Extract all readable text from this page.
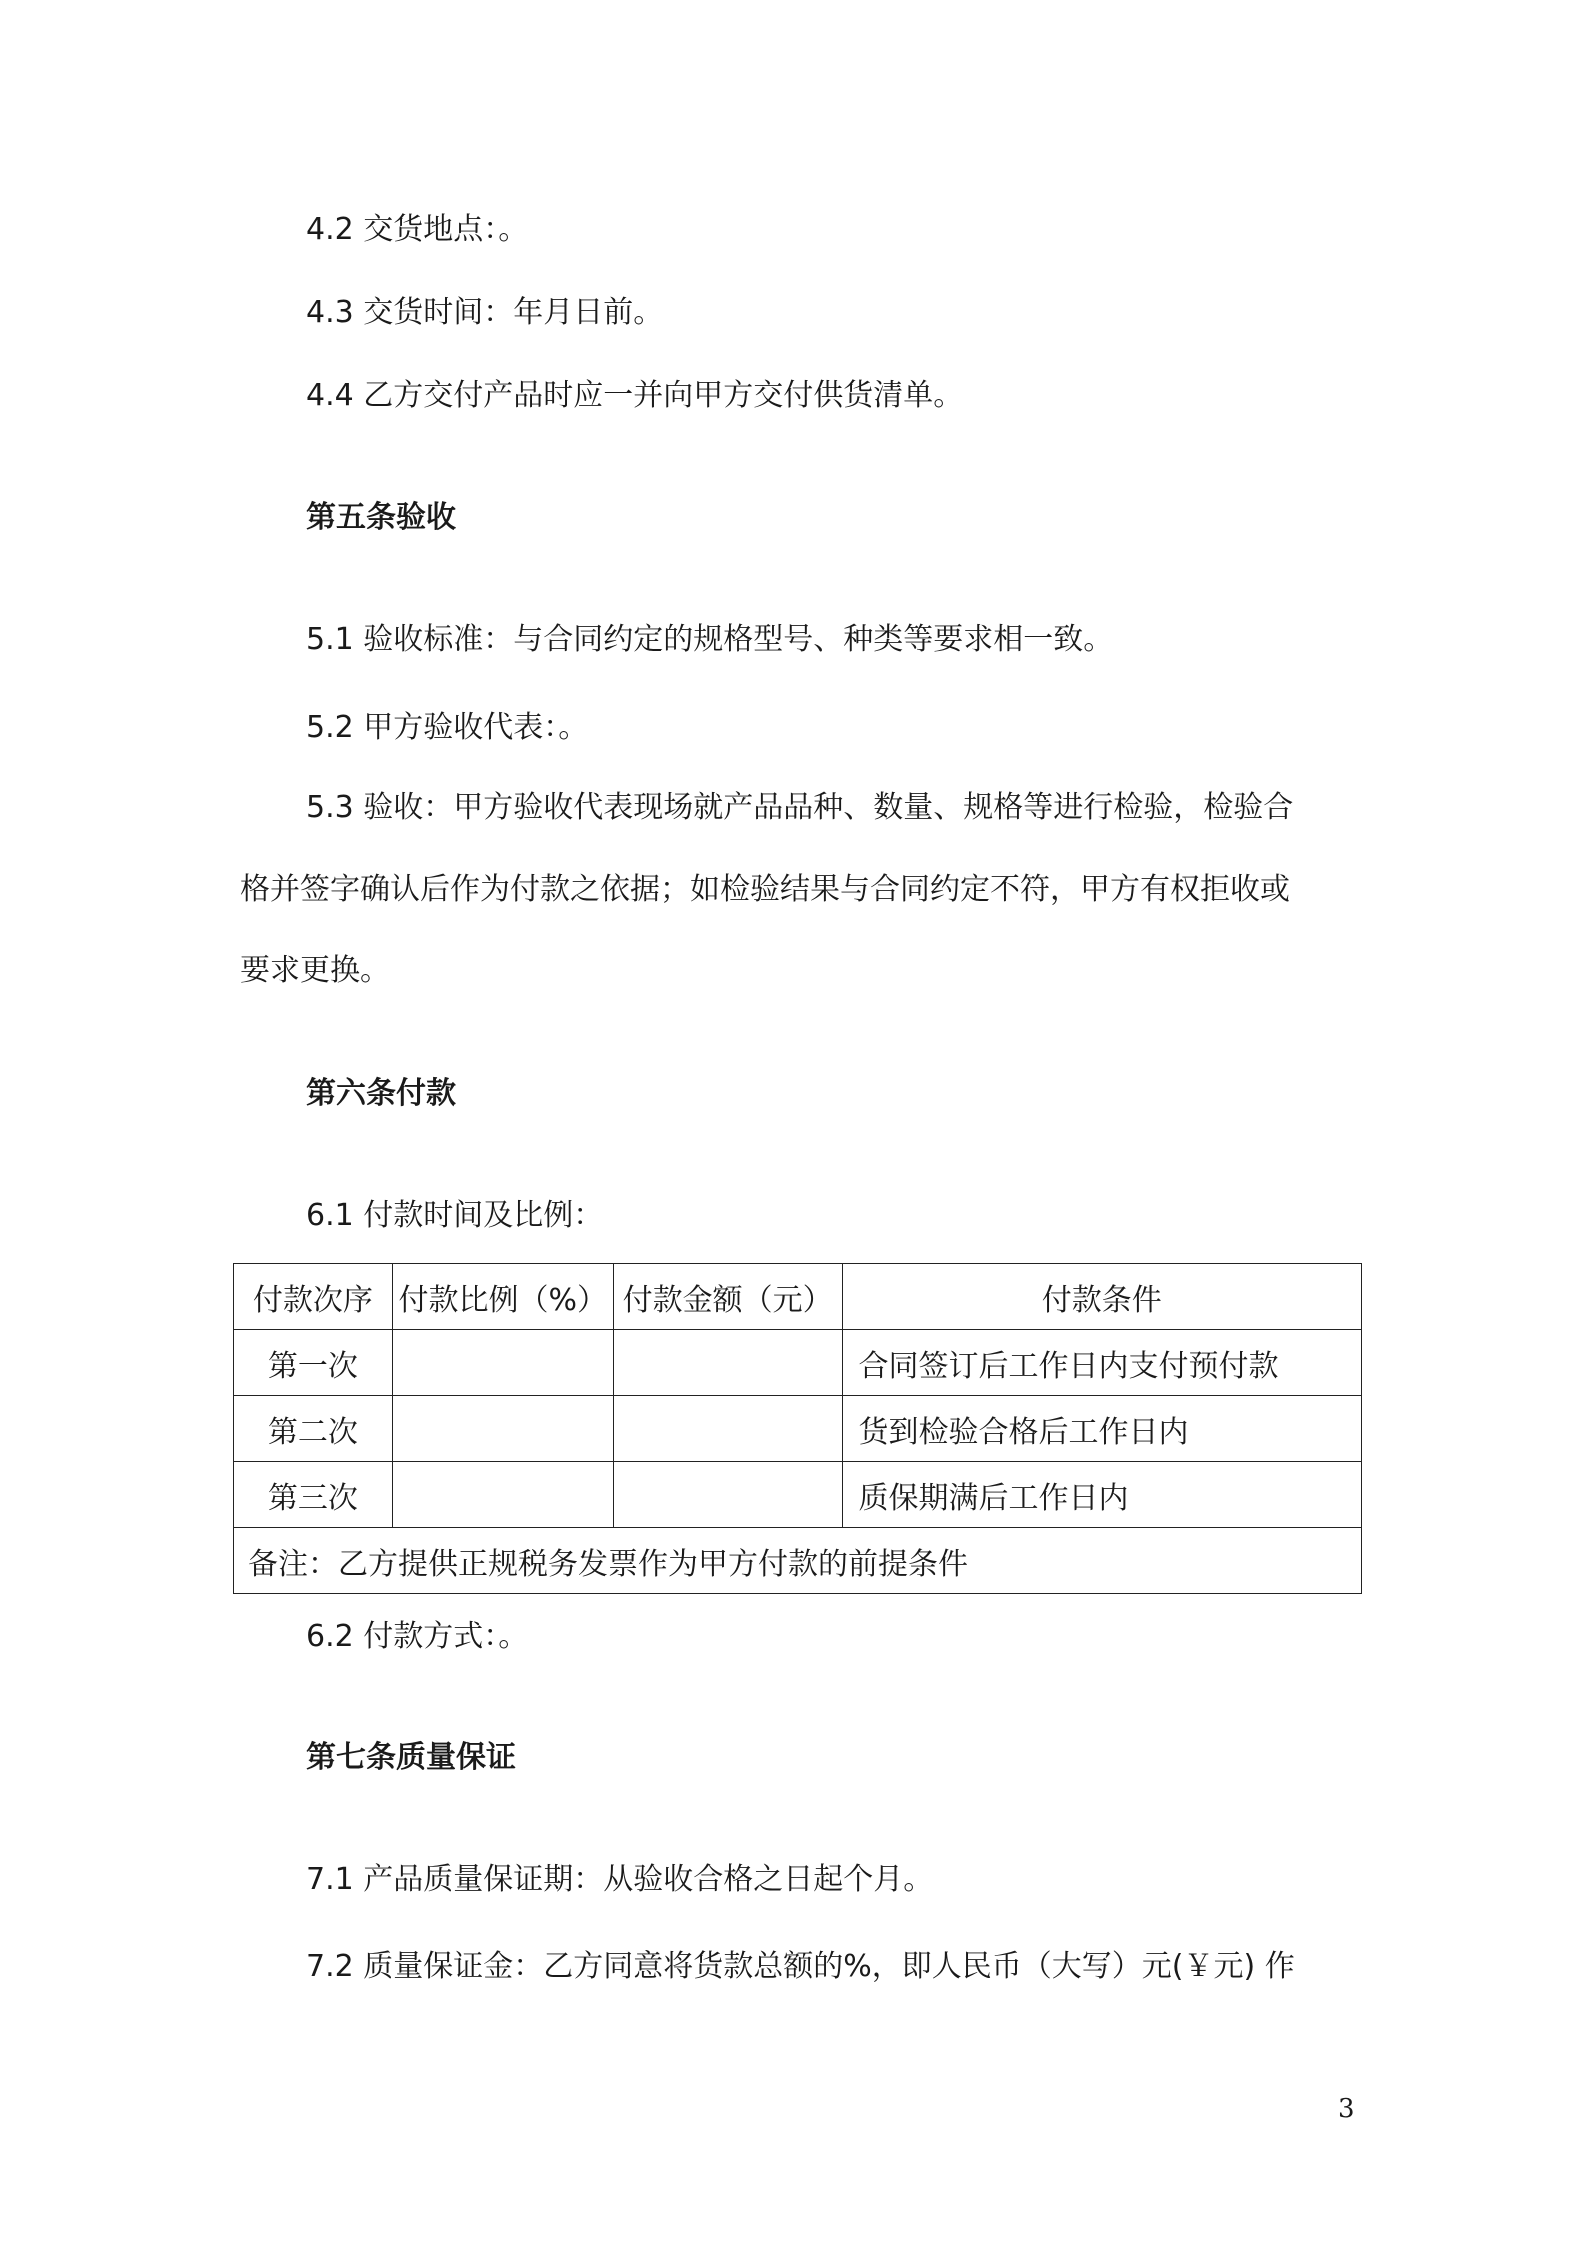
4.2 交货地点：。
4.3 交货时间：年月日前。
4.4 乙方交付产品时应一并向甲方交付供货清单。
第五条验收
5.1 验收标准：与合同约定的规格型号、种类等要求相一致。
5.2 甲方验收代表：。
5.3 验收：甲方验收代表现场就产品品种、数量、规格等进行检验，检验合
格并签字确认后作为付款之依据；如检验结果与合同约定不符，甲方有权拒收或
要求更换。
第六条付款
6.1 付款时间及比例：
付款次序	付款比例（%）	付款金额（元）	付款条件
第一次			合同签订后工作日内支付预付款
第二次			货到检验合格后工作日内
第三次			质保期满后工作日内
备注：乙方提供正规税务发票作为甲方付款的前提条件			
6.2 付款方式：。
第七条质量保证
7.1 产品质量保证期：从验收合格之日起个月。
7.2 质量保证金：乙方同意将货款总额的%，即人民币（大写）元(￥元) 作
3
